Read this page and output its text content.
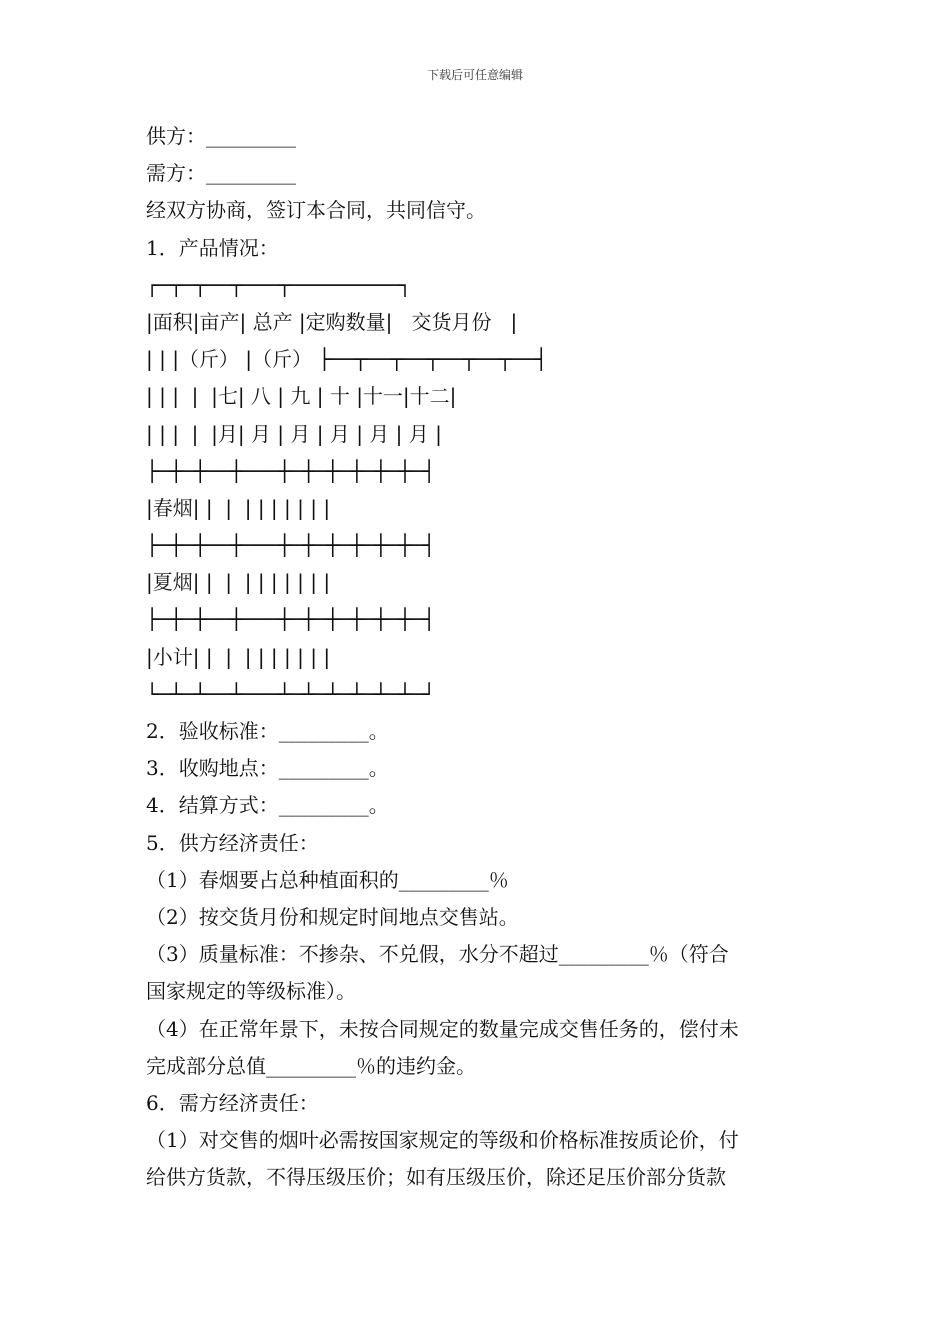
下载后可任意编辑
供方：_________
需方：_________
经双方协商，签订本合同，共同信守。
1．产品情况：
┌─┬─┬──┬───┬─────────┐
|面积|亩产| 总产 |定购数量|   交货月份   |
| | |（斤） |（斤） ├──┬──┬──┬──┬──┬──┤
| | |  |  |七| 八 | 九 | 十 |十一|十二|
| | |  |  |月| 月 | 月 | 月 | 月 | 月 |
├─┼─┼──┼───┼─┼─┼─┼─┼─┼─┤
|春烟| |  |  | | | | | | |
├─┼─┼──┼───┼─┼─┼─┼─┼─┼─┤
|夏烟| |  |  | | | | | | |
├─┼─┼──┼───┼─┼─┼─┼─┼─┼─┤
|小计| |  |  | | | | | | |
└─┴─┴──┴───┴─┴─┴─┴─┴─┴─┘
2．验收标准：_________。
3．收购地点：_________。
4．结算方式：_________。
5．供方经济责任：
（1）春烟要占总种植面积的_________％
（2）按交货月份和规定时间地点交售站。
（3）质量标准：不掺杂、不兑假，水分不超过_________％（符合
国家规定的等级标准）。
（4）在正常年景下，未按合同规定的数量完成交售任务的，偿付未
完成部分总值_________％的违约金。
6．需方经济责任：
（1）对交售的烟叶必需按国家规定的等级和价格标准按质论价，付
给供方货款，不得压级压价；如有压级压价，除还足压价部分货款
